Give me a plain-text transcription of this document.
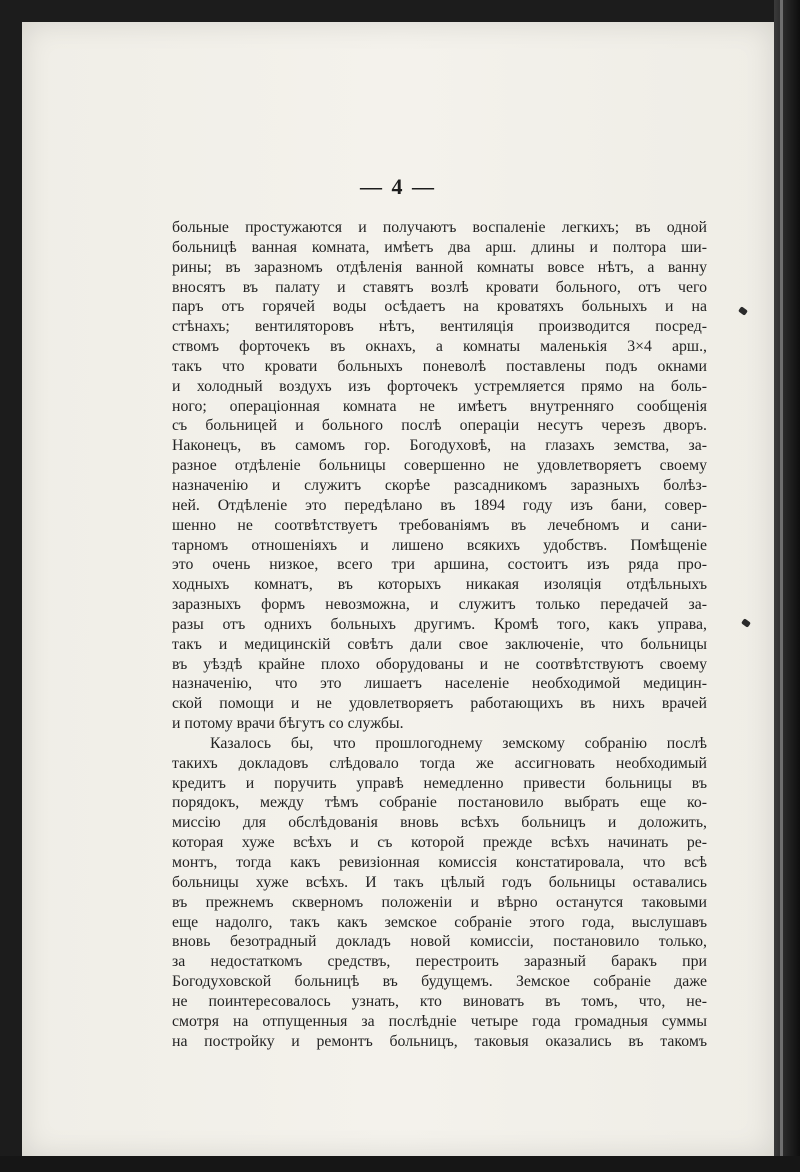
— 4 —
больные простужаются и получаютъ воспаленіе легкихъ; въ одной
больницѣ ванная комната, имѣетъ два арш. длины и полтора ши-
рины; въ заразномъ отдѣленія ванной комнаты вовсе нѣтъ, а ванну
вносятъ въ палату и ставятъ возлѣ кровати больного, отъ чего
паръ отъ горячей воды осѣдаетъ на кроватяхъ больныхъ и на
стѣнахъ; вентиляторовъ нѣтъ, вентиляція производится посред-
ствомъ форточекъ въ окнахъ, а комнаты маленькія 3×4 арш.,
такъ что кровати больныхъ поневолѣ поставлены подъ окнами
и холодный воздухъ изъ форточекъ устремляется прямо на боль-
ного; операціонная комната не имѣетъ внутренняго сообщенія
съ больницей и больного послѣ операціи несутъ черезъ дворъ.
Наконецъ, въ самомъ гор. Богодуховѣ, на глазахъ земства, за-
разное отдѣленіе больницы совершенно не удовлетворяетъ своему
назначенію и служитъ скорѣе разсадникомъ заразныхъ болѣз-
ней. Отдѣленіе это передѣлано въ 1894 году изъ бани, совер-
шенно не соотвѣтствуетъ требованіямъ въ лечебномъ и сани-
тарномъ отношеніяхъ и лишено всякихъ удобствъ. Помѣщеніе
это очень низкое, всего три аршина, состоитъ изъ ряда про-
ходныхъ комнатъ, въ которыхъ никакая изоляція отдѣльныхъ
заразныхъ формъ невозможна, и служитъ только передачей за-
разы отъ однихъ больныхъ другимъ. Кромѣ того, какъ управа,
такъ и медицинскій совѣтъ дали свое заключеніе, что больницы
въ уѣздѣ крайне плохо оборудованы и не соотвѣтствуютъ своему
назначенію, что это лишаетъ населеніе необходимой медицин-
ской помощи и не удовлетворяетъ работающихъ въ нихъ врачей
и потому врачи бѣгутъ со службы.
Казалось бы, что прошлогоднему земскому собранію послѣ
такихъ докладовъ слѣдовало тогда же ассигновать необходимый
кредитъ и поручить управѣ немедленно привести больницы въ
порядокъ, между тѣмъ собраніе постановило выбрать еще ко-
миссію для обслѣдованія вновь всѣхъ больницъ и доложить,
которая хуже всѣхъ и съ которой прежде всѣхъ начинать ре-
монтъ, тогда какъ ревизіонная комиссія констатировала, что всѣ
больницы хуже всѣхъ. И такъ цѣлый годъ больницы оставались
въ прежнемъ скверномъ положеніи и вѣрно останутся таковыми
еще надолго, такъ какъ земское собраніе этого года, выслушавъ
вновь безотрадный докладъ новой комиссіи, постановило только,
за недостаткомъ средствъ, перестроить заразный баракъ при
Богодуховской больницѣ въ будущемъ. Земское собраніе даже
не поинтересовалось узнать, кто виноватъ въ томъ, что, не-
смотря на отпущенныя за послѣдніе четыре года громадныя суммы
на постройку и ремонтъ больницъ, таковыя оказались въ такомъ
